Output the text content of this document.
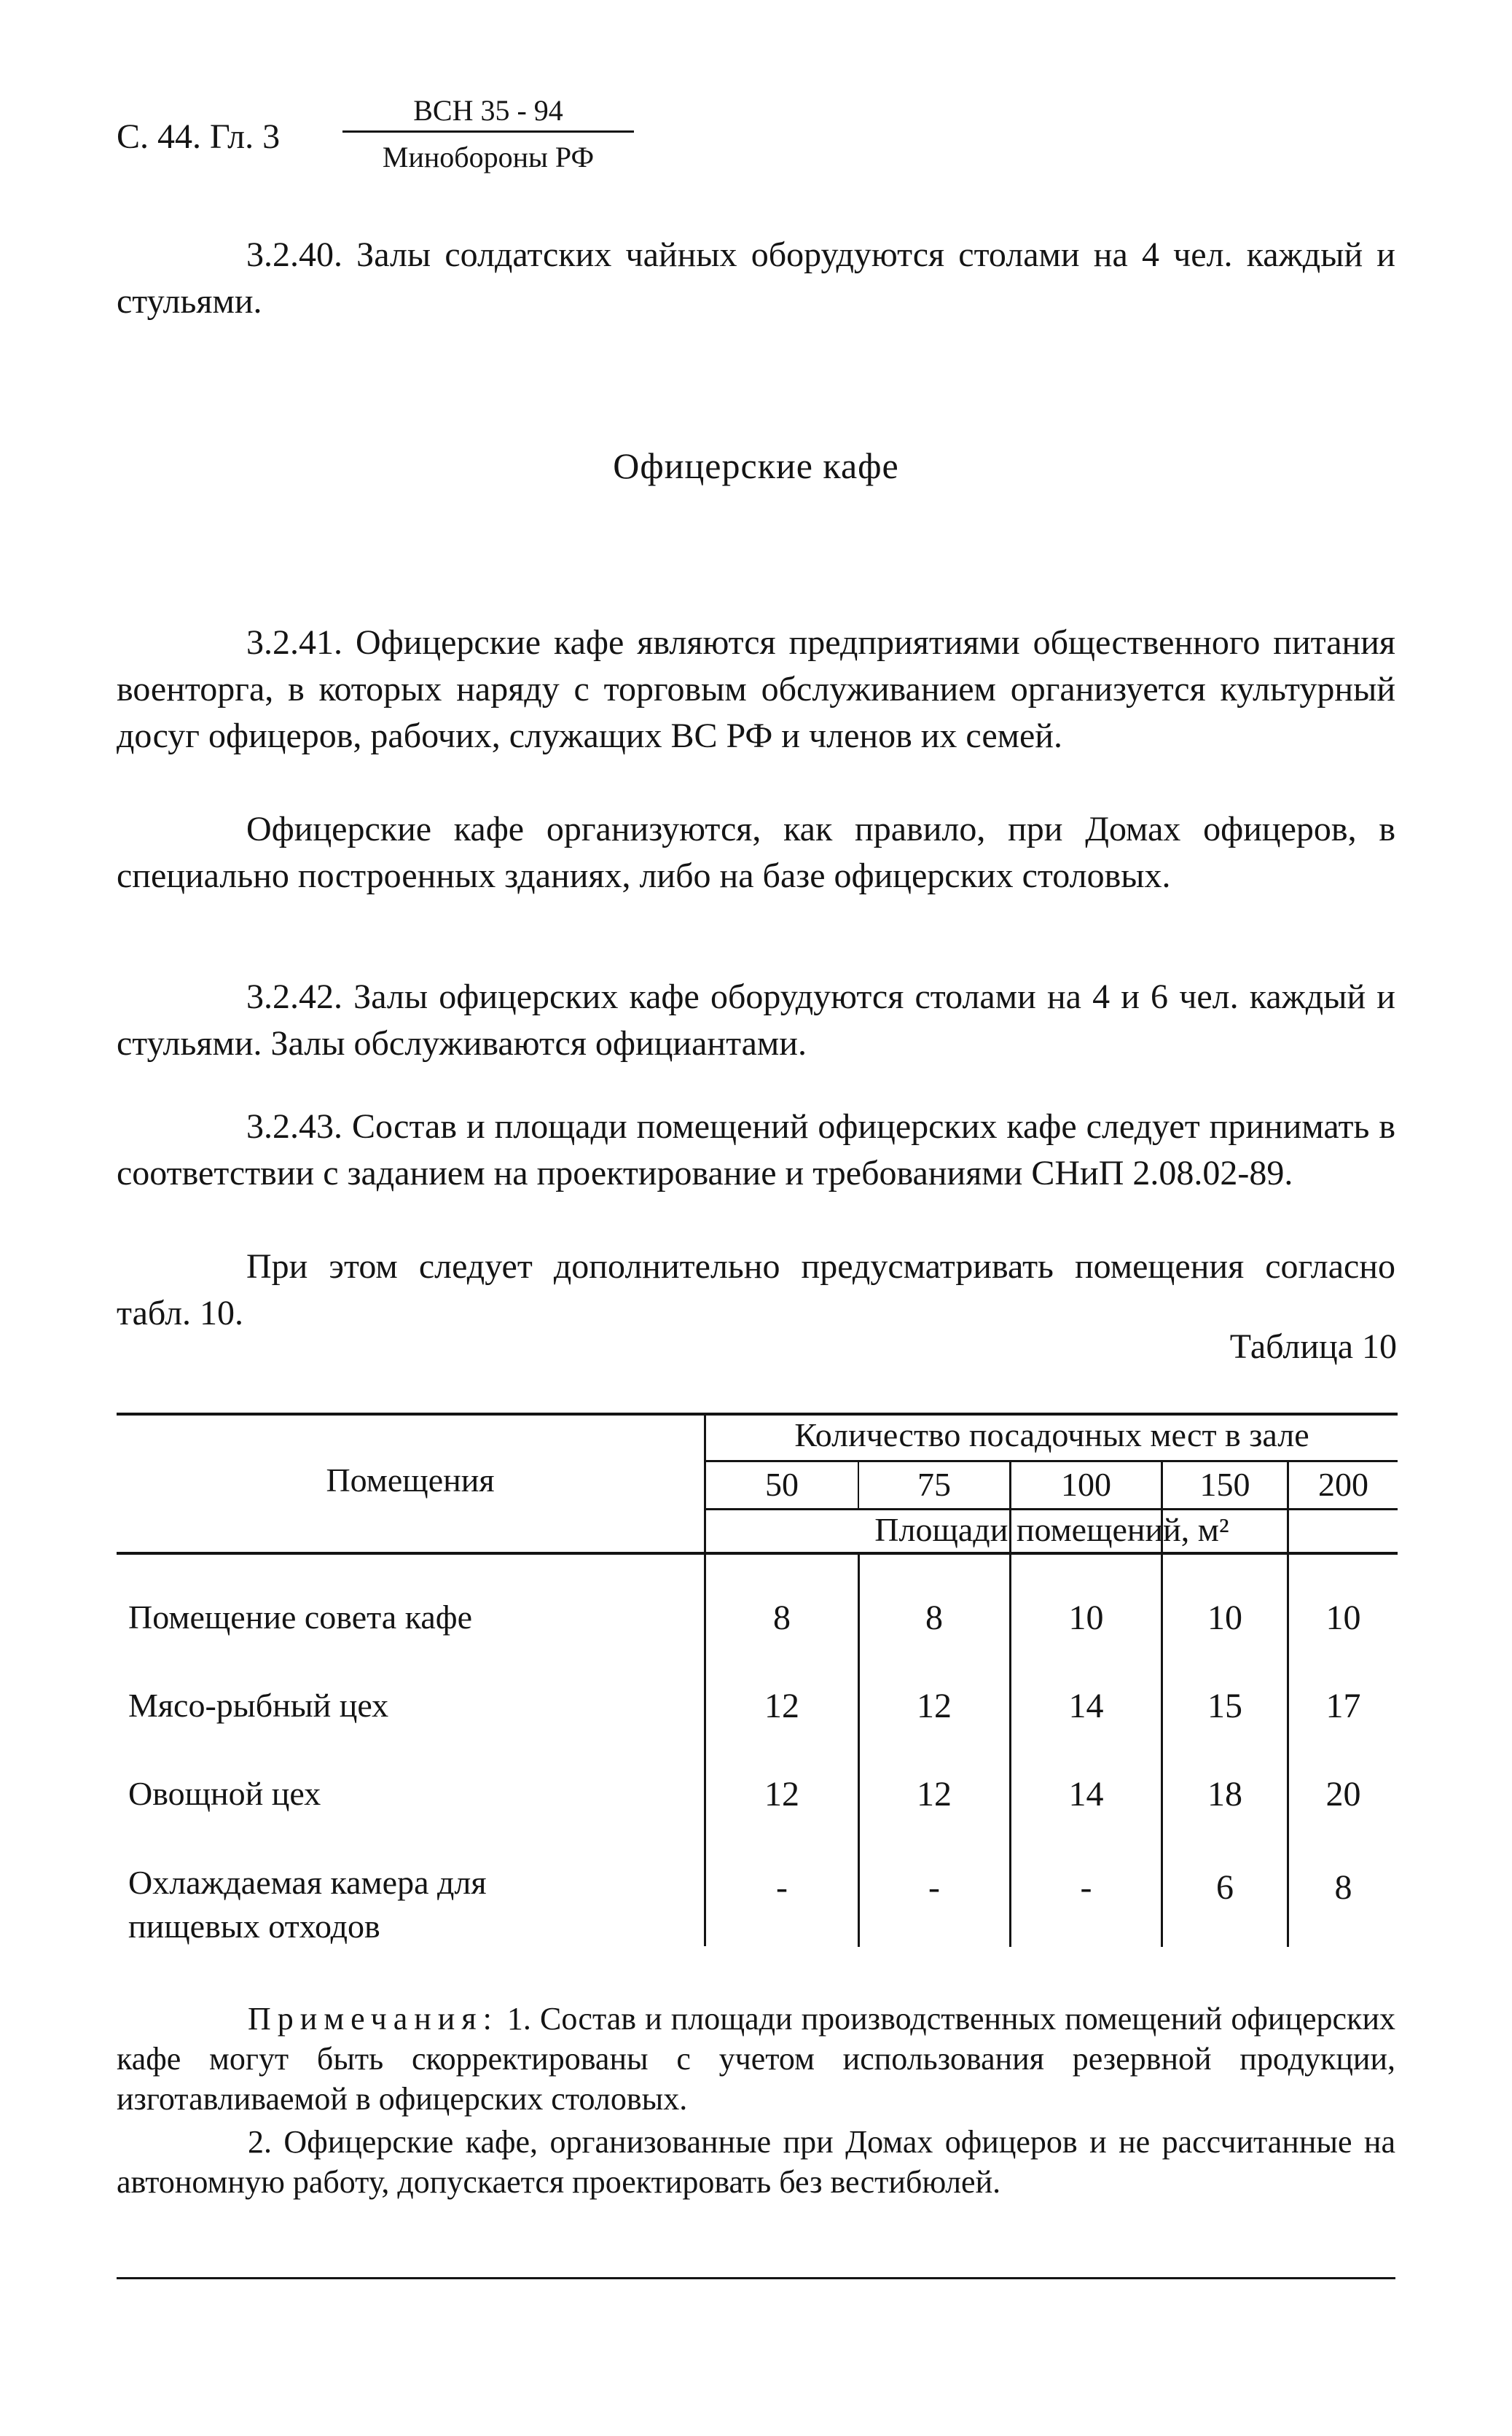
С. 44. Гл. 3
ВСН 35 - 94
Минобороны РФ

3.2.40. Залы солдатских чайных оборудуются столами на 4 чел. каждый и стульями.

Офицерские кафе

3.2.41. Офицерские кафе являются предприятиями общественного питания военторга, в которых наряду с торговым обслуживанием организуется культурный досуг офицеров, рабочих, служащих ВС РФ и членов их семей.

Офицерские кафе организуются, как правило, при Домах офицеров, в специально построенных зданиях, либо на базе офицерских столовых.

3.2.42. Залы офицерских кафе оборудуются столами на 4 и 6 чел. каждый и стульями. Залы обслуживаются официантами.

3.2.43. Состав и площади помещений офицерских кафе следует принимать в соответствии с заданием на проектирование и требованиями СНиП 2.08.02-89.

При этом следует дополнительно предусматривать помещения согласно табл. 10.

Таблица 10
Помещения
Количество посадочных мест в зале
50	75	100	150	200
Площади помещений, м²
Помещение совета кафе	8	8	10	10	10
Мясо-рыбный цех	12	12	14	15	17
Овощной цех	12	12	14	18	20
Охлаждаемая камера для
пищевых отходов
-	-	-	6	8

Примечания: 1. Состав и площади производственных помещений офицерских кафе могут быть скорректированы с учетом использования резервной продукции, изготавливаемой в офицерских столовых.

2. Офицерские кафе, организованные при Домах офицеров и не рассчитанные на автономную работу, допускается проектировать без вестибюлей.
